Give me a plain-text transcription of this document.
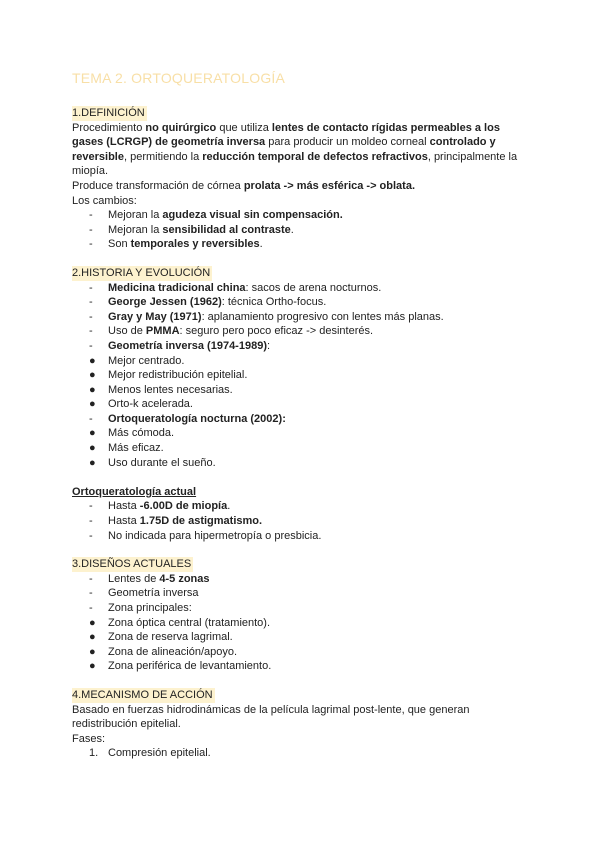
TEMA 2. ORTOQUERATOLOGÍA
1.DEFINICIÓN

Procedimiento no quirúrgico que utiliza lentes de contacto rígidas permeables a los gases (LCRGP) de geometría inversa para producir un moldeo corneal controlado y reversible, permitiendo la reducción temporal de defectos refractivos, principalmente la miopía.

Produce transformación de córnea prolata -> más esférica -> oblata.

Los cambios:

-	Mejoran la agudeza visual sin compensación.
-	Mejoran la sensibilidad al contraste.
-	Son temporales y reversibles.
2.HISTORIA Y EVOLUCIÓN
-	Medicina tradicional china: sacos de arena nocturnos.
-	George Jessen (1962): técnica Ortho-focus.
-	Gray y May (1971): aplanamiento progresivo con lentes más planas.
-	Uso de PMMA: seguro pero poco eficaz -> desinterés.
-	Geometría inversa (1974-1989):
●	Mejor centrado.
●	Mejor redistribución epitelial.
●	Menos lentes necesarias.
●	Orto-k acelerada.
-	Ortoqueratología nocturna (2002):
●	Más cómoda.
●	Más eficaz.
●	Uso durante el sueño.

Ortoqueratología actual

-	Hasta -6.00D de miopía.
-	Hasta 1.75D de astigmatismo.
-	No indicada para hipermetropía o presbicia.
3.DISEÑOS ACTUALES
-	Lentes de 4-5 zonas
-	Geometría inversa
-	Zona principales:
●	Zona óptica central (tratamiento).
●	Zona de reserva lagrimal.
●	Zona de alineación/apoyo.
●	Zona periférica de levantamiento.
4.MECANISMO DE ACCIÓN

Basado en fuerzas hidrodinámicas de la película lagrimal post-lente, que generan redistribución epitelial.

Fases:

1. Compresión epitelial.
